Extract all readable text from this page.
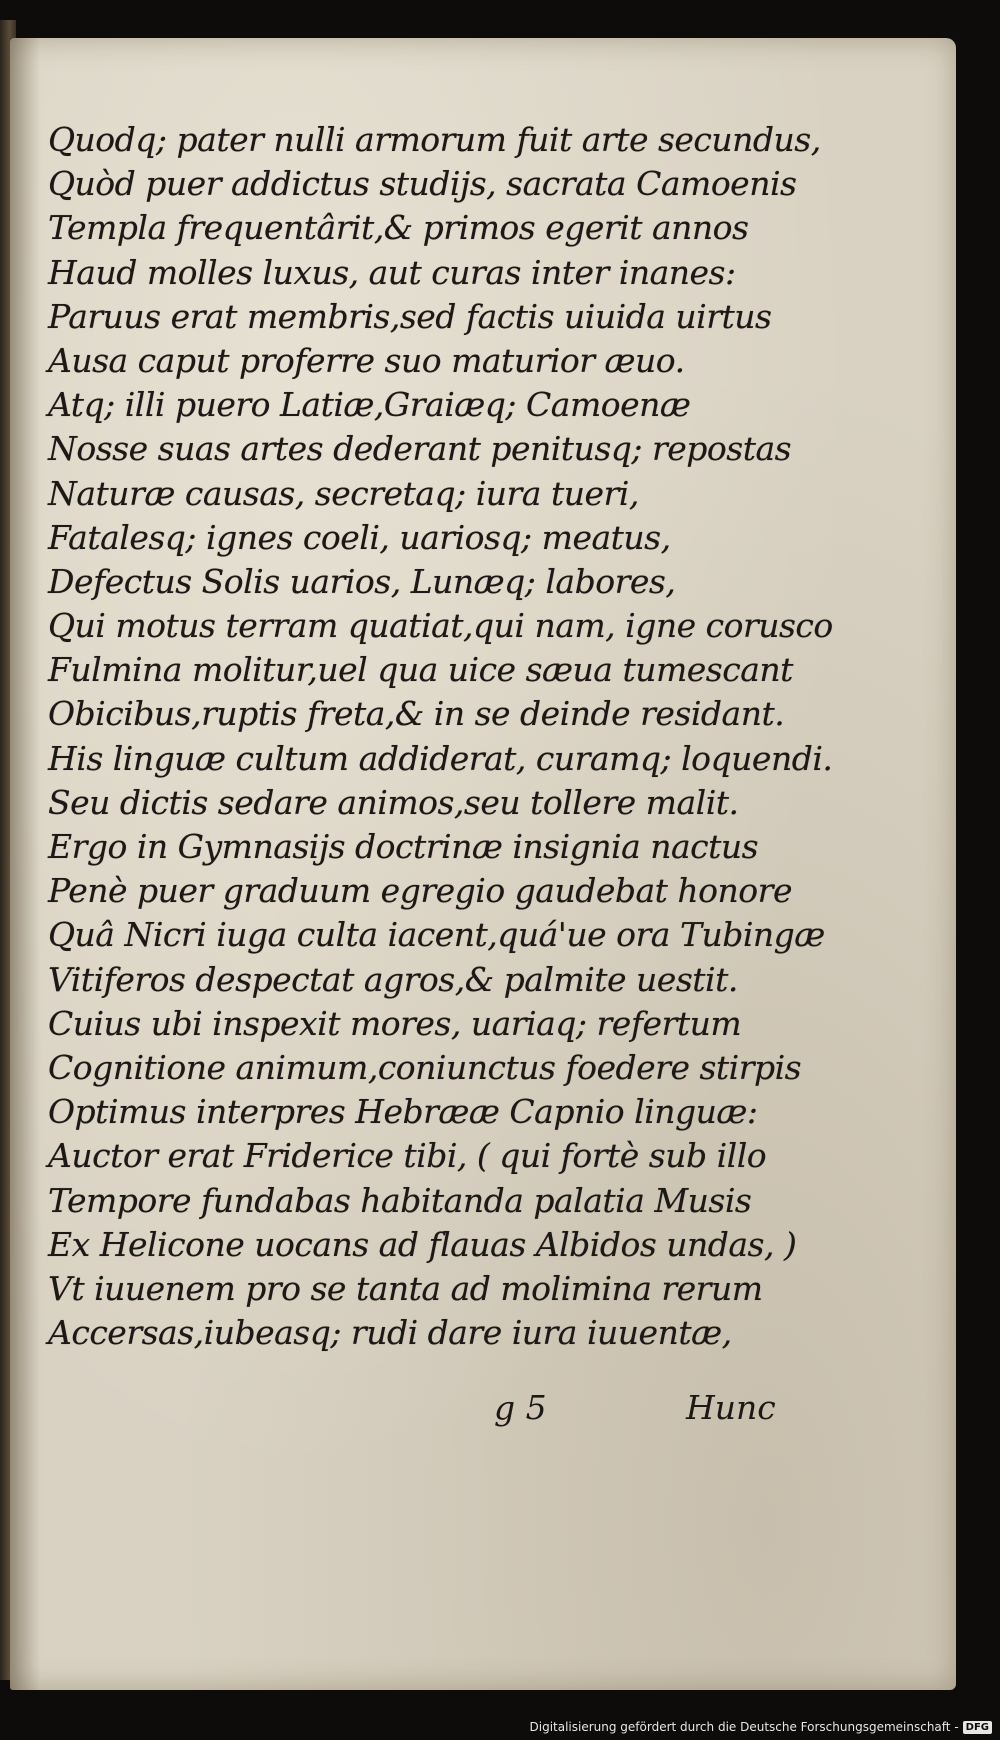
Quodq; pater nulli armorum fuit arte secundus,
Quòd puer addictus studijs, sacrata Camoenis
Templa frequentârit,& primos egerit annos
Haud molles luxus, aut curas inter inanes:
Paruus erat membris,sed factis uiuida uirtus
Ausa caput proferre suo maturior æuo.
Atq; illi puero Latiæ,Graiæq; Camoenæ
Nosse suas artes dederant penitusq; repostas
Naturæ causas, secretaq; iura tueri,
Fatalesq; ignes coeli, uariosq; meatus,
Defectus Solis uarios, Lunæq; labores,
Qui motus terram quatiat,qui nam, igne corusco
Fulmina molitur,uel qua uice sæua tumescant
Obicibus,ruptis freta,& in se deinde residant.
His linguæ cultum addiderat, curamq; loquendi.
Seu dictis sedare animos,seu tollere malit.
Ergo in Gymnasijs doctrinæ insignia nactus
Penè puer graduum egregio gaudebat honore
Quâ Nicri iuga culta iacent,quá'ue ora Tubingæ
Vitiferos despectat agros,& palmite uestit.
Cuius ubi inspexit mores, uariaq; refertum
Cognitione animum,coniunctus foedere stirpis
Optimus interpres Hebrææ Capnio linguæ:
Auctor erat Friderice tibi, ( qui fortè sub illo
Tempore fundabas habitanda palatia Musis
Ex Helicone uocans ad flauas Albidos undas, )
Vt iuuenem pro se tanta ad molimina rerum
Accersas,iubeasq; rudi dare iura iuuentæ,
g 5	Hunc
Digitalisierung gefördert durch die Deutsche Forschungsgemeinschaft - DFG
